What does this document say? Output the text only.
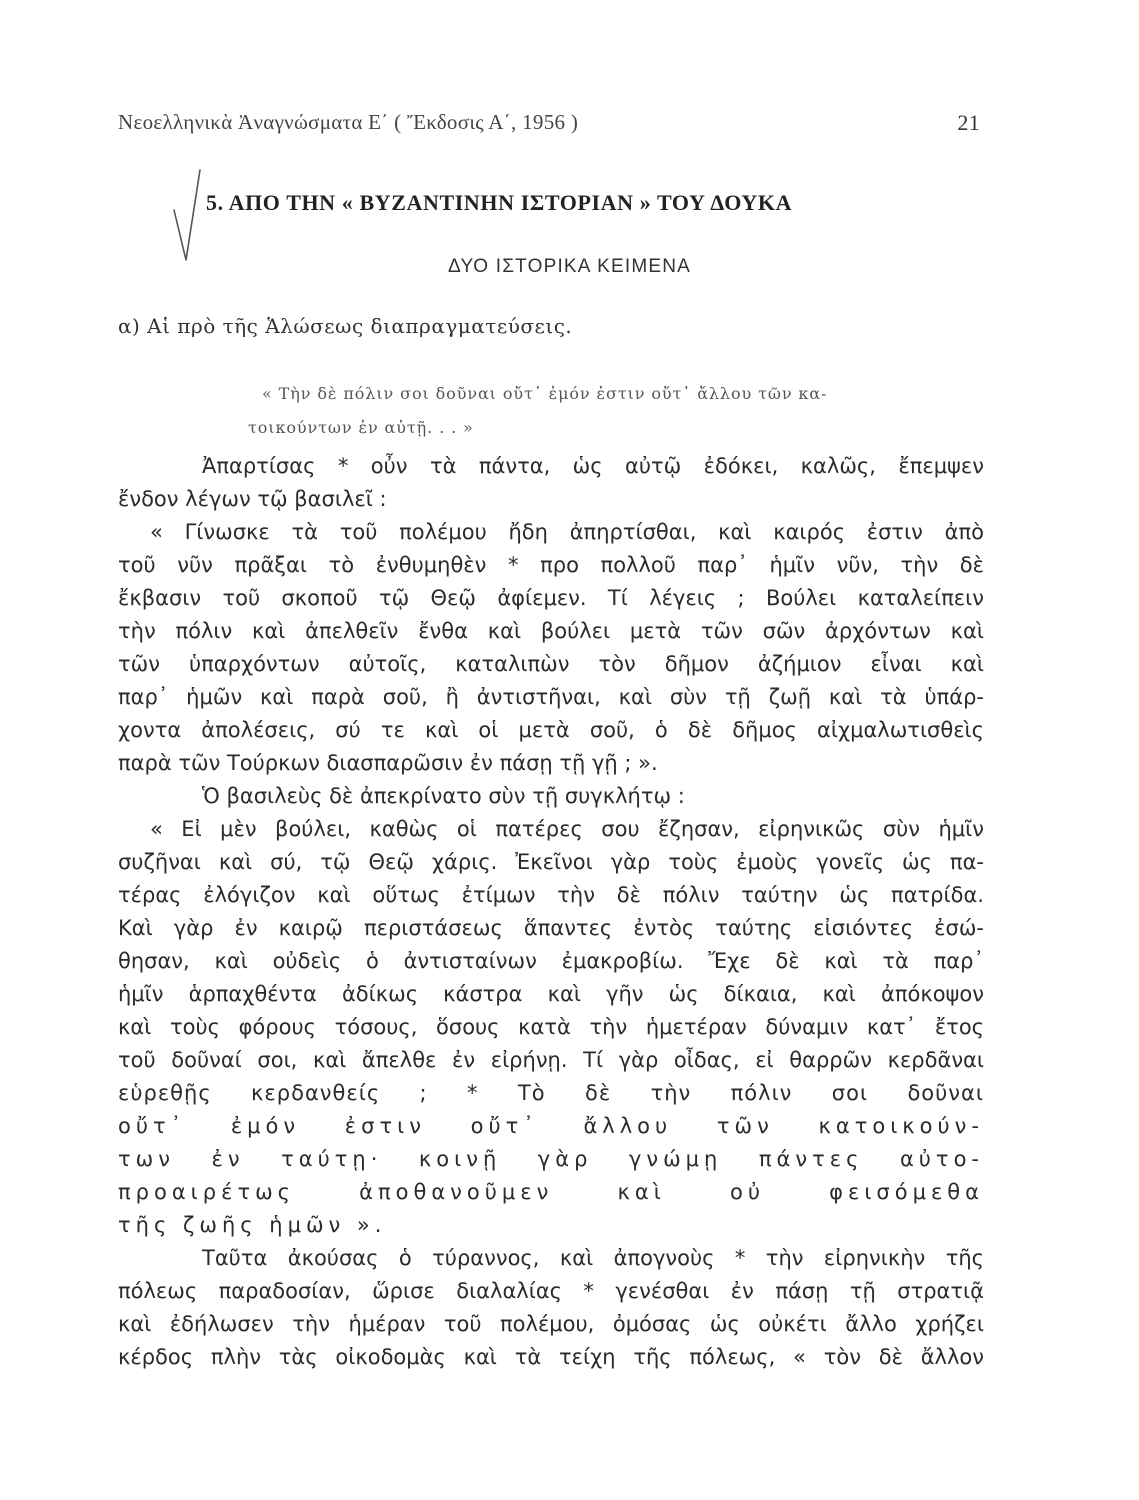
Νεοελληνικὰ Ἀναγνώσματα Ε΄ ( Ἔκδοσις Α΄, 1956 )	21
5. ΑΠΟ ΤΗΝ « ΒΥΖΑΝΤΙΝΗΝ ΙΣΤΟΡΙΑΝ » ΤΟΥ ΔΟΥΚΑ
ΔΥΟ ΙΣΤΟΡΙΚΑ ΚΕΙΜΕΝΑ
α) Αἱ πρὸ τῆς Ἁλώσεως διαπραγματεύσεις.
« Τὴν δὲ πόλιν σοι δοῦναι οὔτ᾽ ἐμόν ἐστιν οὔτ᾽ ἄλλου τῶν κα-
τοικούντων ἐν αὐτῇ. . . »
Ἀπαρτίσας * οὖν τὰ πάντα, ὡς αὐτῷ ἐδόκει, καλῶς, ἔπεμψεν
ἔνδον λέγων τῷ βασιλεῖ :
« Γίνωσκε τὰ τοῦ πολέμου ἤδη ἀπηρτίσθαι, καὶ καιρός ἐστιν ἀπὸ
τοῦ νῦν πρᾶξαι τὸ ἐνθυμηθὲν * προ πολλοῦ παρ᾽ ἡμῖν νῦν, τὴν δὲ
ἔκβασιν τοῦ σκοποῦ τῷ Θεῷ ἀφίεμεν. Τί λέγεις ; Βούλει καταλείπειν
τὴν πόλιν καὶ ἀπελθεῖν ἔνθα καὶ βούλει μετὰ τῶν σῶν ἀρχόντων καὶ
τῶν ὑπαρχόντων αὐτοῖς, καταλιπὼν τὸν δῆμον ἀζήμιον εἶναι καὶ
παρ᾽ ἡμῶν καὶ παρὰ σοῦ, ἢ ἀντιστῆναι, καὶ σὺν τῇ ζωῇ καὶ τὰ ὑπάρ-
χοντα ἀπολέσεις, σύ τε καὶ οἱ μετὰ σοῦ, ὁ δὲ δῆμος αἰχμαλωτισθεὶς
παρὰ τῶν Τούρκων διασπαρῶσιν ἐν πάσῃ τῇ γῇ ; ».
Ὁ βασιλεὺς δὲ ἀπεκρίνατο σὺν τῇ συγκλήτῳ :
« Εἰ μὲν βούλει, καθὼς οἱ πατέρες σου ἔζησαν, εἰρηνικῶς σὺν ἡμῖν
συζῆναι καὶ σύ, τῷ Θεῷ χάρις. Ἐκεῖνοι γὰρ τοὺς ἐμοὺς γονεῖς ὡς πα-
τέρας ἐλόγιζον καὶ οὕτως ἐτίμων τὴν δὲ πόλιν ταύτην ὡς πατρίδα.
Καὶ γὰρ ἐν καιρῷ περιστάσεως ἅπαντες ἐντὸς ταύτης εἰσιόντες ἐσώ-
θησαν, καὶ οὐδεὶς ὁ ἀντισταίνων ἐμακροβίω. Ἔχε δὲ καὶ τὰ παρ᾽
ἡμῖν ἁρπαχθέντα ἀδίκως κάστρα καὶ γῆν ὡς δίκαια, καὶ ἀπόκοψον
καὶ τοὺς φόρους τόσους, ὅσους κατὰ τὴν ἡμετέραν δύναμιν κατ᾽ ἔτος
τοῦ δοῦναί σοι, καὶ ἄπελθε ἐν εἰρήνῃ. Τί γὰρ οἶδας, εἰ θαρρῶν κερδᾶναι
εὑρεθῇς κερδανθείς ; * Τὸ δὲ τὴν πόλιν σοι δοῦναι
οὔτ᾽ ἐμόν ἐστιν οὔτ᾽ ἄλλου τῶν κατοικούν-
των ἐν ταύτῃ· κοινῇ γὰρ γνώμῃ πάντες αὐτο-
προαιρέτως ἀποθανοῦμεν καὶ οὐ φεισόμεθα
τῆς ζωῆς ἡμῶν ».
Ταῦτα ἀκούσας ὁ τύραννος, καὶ ἀπογνοὺς * τὴν εἰρηνικὴν τῆς
πόλεως παραδοσίαν, ὥρισε διαλαλίας * γενέσθαι ἐν πάσῃ τῇ στρατιᾷ
καὶ ἐδήλωσεν τὴν ἡμέραν τοῦ πολέμου, ὀμόσας ὡς οὐκέτι ἄλλο χρήζει
κέρδος πλὴν τὰς οἰκοδομὰς καὶ τὰ τείχη τῆς πόλεως, « τὸν δὲ ἄλλον
